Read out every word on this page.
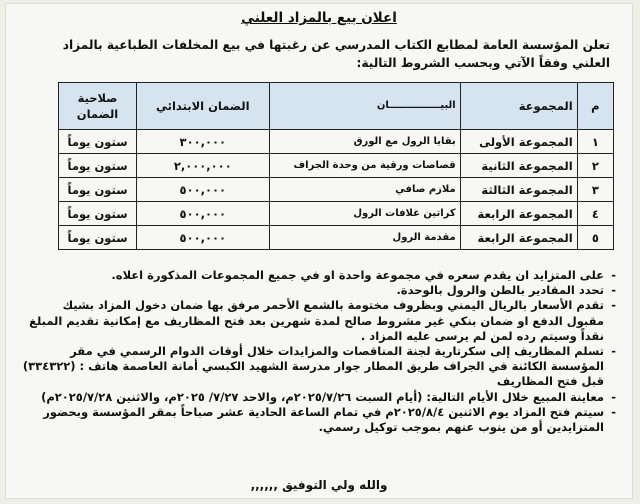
اعلان بيع بالمزاد العلني
تعلن المؤسسة العامة لمطابع الكتاب المدرسي عن رغبتها في بيع المخلفات الطباعية بالمزاد العلني وفقاً الآتي وبحسب الشروط التالية:
م	المجموعة	البيـــــــــــــــان	الضمان الابتدائي	صلاحية الضمان
١	المجموعة الأولى	بقايا الرول مع الورق	٣٠٠,٠٠٠	ستون يوماً
٢	المجموعة الثانية	قصاصات ورقية من وحدة الجراف	٢,٠٠٠,٠٠٠	ستون يوماً
٣	المجموعة الثالثة	ملازم صافي	٥٠٠,٠٠٠	ستون يوماً
٤	المجموعة الرابعة	كراتين غلافات الرول	٥٠٠,٠٠٠	ستون يوماً
٥	المجموعة الرابعة	مقدمة الرول	٥٠٠,٠٠٠	ستون يوماً
- على المتزايد ان يقدم سعره في مجموعة واحدة او في جميع المجموعات المذكورة اعلاه.
- تحدد المقادير بالطن والرول بالوحدة.
- تقدم الأسعار بالريال اليمني وبظروف مختومة بالشمع الأحمر مرفق بها ضمان دخول المزاد بشيك مقبول الدفع او ضمان بنكي غير مشروط صالح لمدة شهرين بعد فتح المظاريف مع إمكانية تقديم المبلغ نقداً وسيتم رده لمن لم يرسى عليه المزاد .
- تسلم المظاريف إلى سكرتارية لجنة المناقصات والمزايدات خلال أوقات الدوام الرسمي في مقر المؤسسة الكائنة في الجراف طريق المطار جوار مدرسة الشهيد الكبسي أمانة العاصمة هاتف : (٣٣٤٣٢٢) قبل فتح المظاريف
- معاينة المبيع خلال الأيام التالية: (أيام السبت ٢٠٢٥/٧/٢٦م، والاحد ٧/٢٧/ ٢٠٢٥م، والاثنين ٢٠٢٥/٧/٢٨م)
- سيتم فتح المزاد يوم الاثنين ٢٠٢٥/٨/٤م في تمام الساعة الحادية عشر صباحاً بمقر المؤسسة وبحضور المتزايدين أو من ينوب عنهم بموجب توكيل رسمي.
والله ولي التوفيق ,,,,,,
